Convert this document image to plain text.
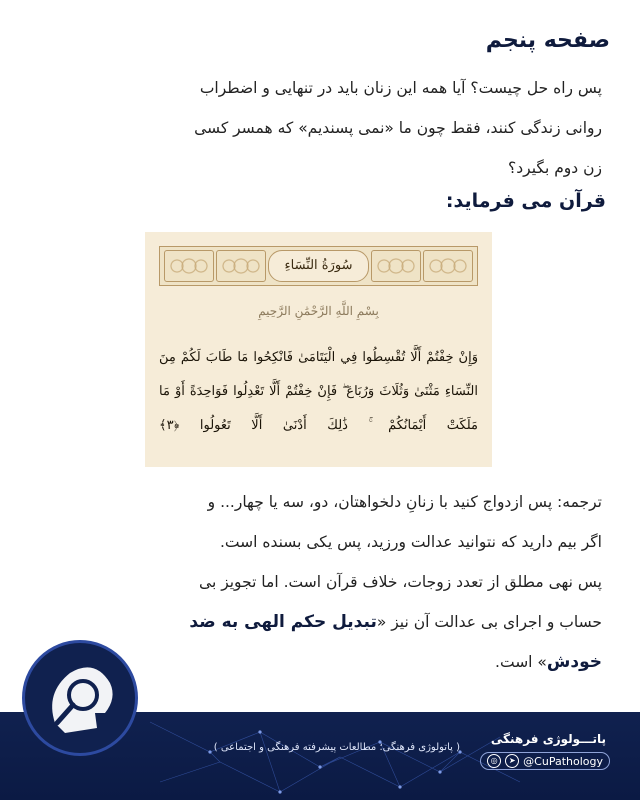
صفحه پنجم
پس راه حل چیست؟ آیا همه این زنان باید در تنهایی و اضطراب
روانی زندگی کنند، فقط چون ما «نمی پسندیم» که همسر کسی
زن دوم بگیرد؟
قرآن می فرماید:
سُورَةُ النِّسَاءِ
بِسْمِ اللَّهِ الرَّحْمَٰنِ الرَّحِيمِ
وَإِنْ خِفْتُمْ أَلَّا تُقْسِطُوا فِي الْيَتَامَىٰ فَانْكِحُوا مَا طَابَ لَكُمْ مِنَ
النِّسَاءِ مَثْنَىٰ وَثُلَاثَ وَرُبَاعَ ۖ فَإِنْ خِفْتُمْ أَلَّا تَعْدِلُوا فَوَاحِدَةً أَوْ مَا
مَلَكَتْ أَيْمَانُكُمْ ۚ ذَٰلِكَ أَدْنَىٰ أَلَّا تَعُولُوا ﴿٣﴾
ترجمه: پس ازدواج کنید با زنانِ دلخواهتان، دو، سه یا چهار... و
اگر بیم دارید که نتوانید عدالت ورزید، پس یکی بسنده است.
پس نهی مطلق از تعدد زوجات، خلاف قرآن است. اما تجویز بی
حساب و اجرای بی عدالت آن نیز «تبدیل حکم الهی به ضد
خودش» است.
پاتـــولوژی فرهنگی
( پاتولوژی فرهنگی؛ مطالعات پیشرفته فرهنگی و اجتماعی )
◎	➤ @CuPathology
